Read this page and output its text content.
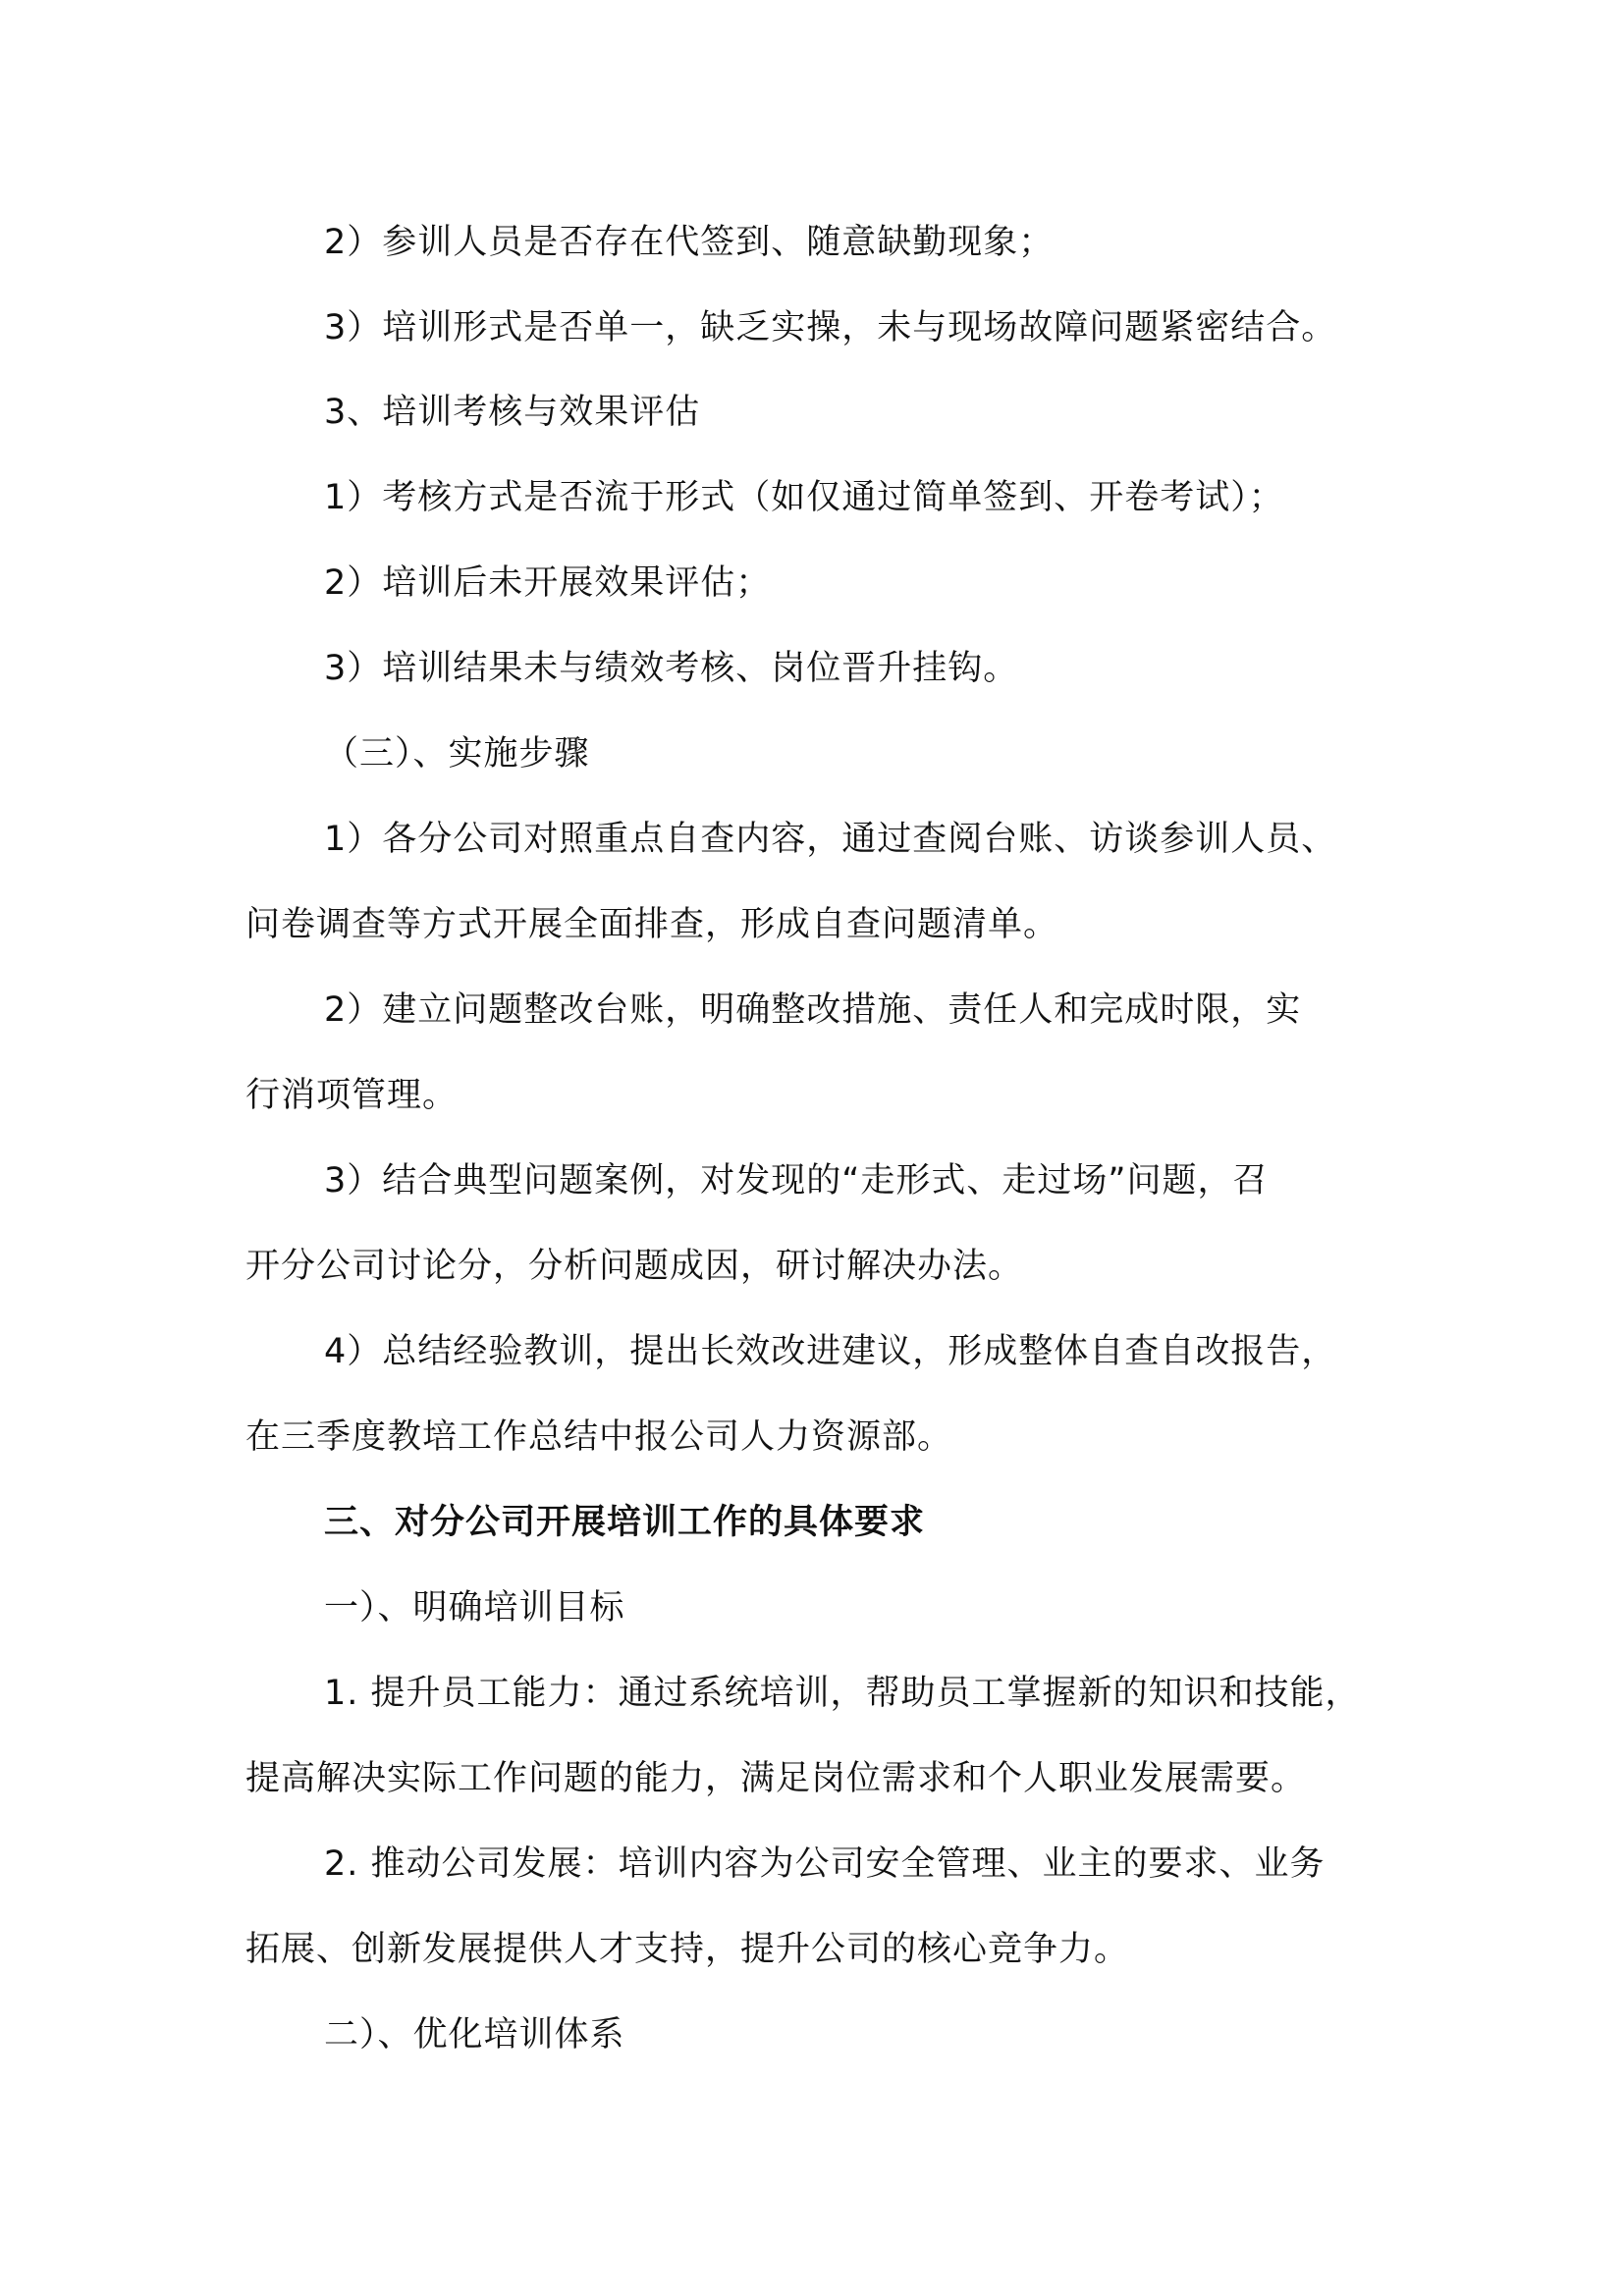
2）参训人员是否存在代签到、随意缺勤现象；
3）培训形式是否单一，缺乏实操，未与现场故障问题紧密结合。
3、培训考核与效果评估
1）考核方式是否流于形式（如仅通过简单签到、开卷考试）；
2）培训后未开展效果评估；
3）培训结果未与绩效考核、岗位晋升挂钩。
（三）、实施步骤
1）各分公司对照重点自查内容，通过查阅台账、访谈参训人员、
问卷调查等方式开展全面排查，形成自查问题清单。
2）建立问题整改台账，明确整改措施、责任人和完成时限，实
行消项管理。
3）结合典型问题案例，对发现的“走形式、走过场”问题，召
开分公司讨论分，分析问题成因，研讨解决办法。
4）总结经验教训，提出长效改进建议，形成整体自查自改报告，
在三季度教培工作总结中报公司人力资源部。
三、对分公司开展培训工作的具体要求
一）、明确培训目标
1. 提升员工能力：通过系统培训，帮助员工掌握新的知识和技能，
提高解决实际工作问题的能力，满足岗位需求和个人职业发展需要。
2. 推动公司发展：培训内容为公司安全管理、业主的要求、业务
拓展、创新发展提供人才支持，提升公司的核心竞争力。
二）、优化培训体系
